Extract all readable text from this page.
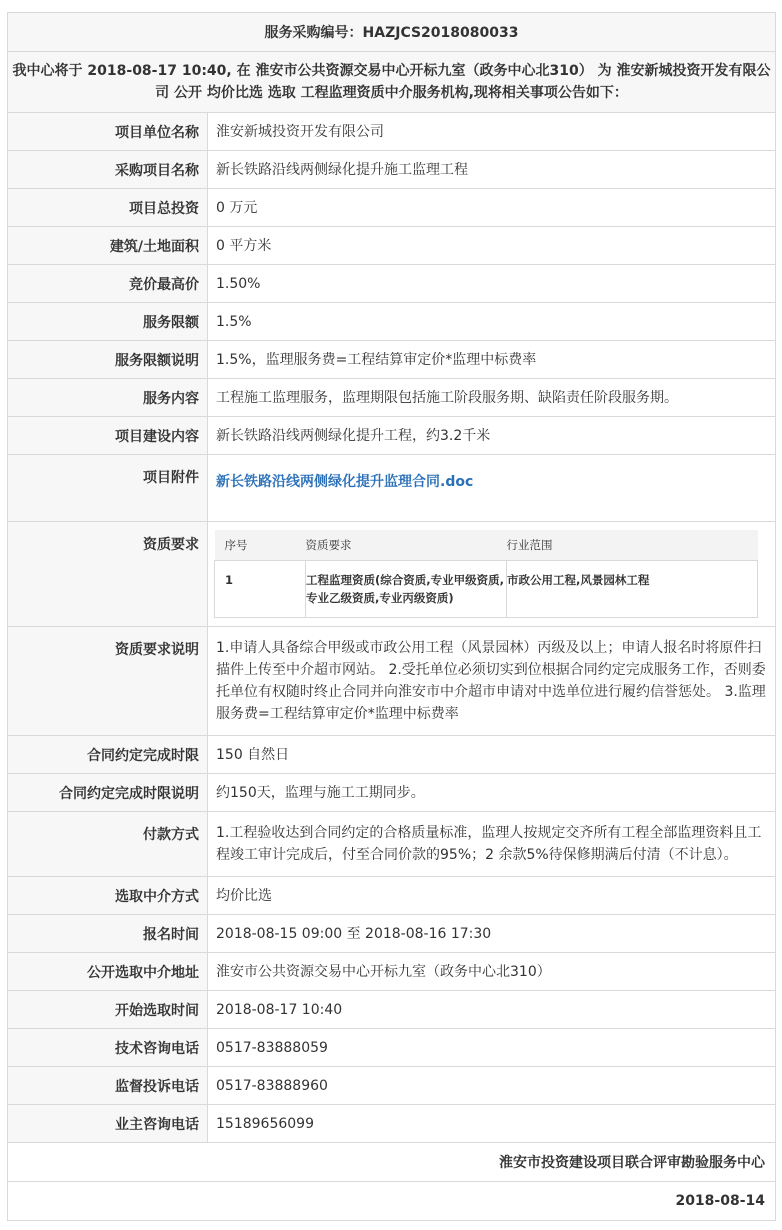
服务采购编号：HAZJCS2018080033
我中心将于 2018-08-17 10:40, 在 淮安市公共资源交易中心开标九室（政务中心北310） 为 淮安新城投资开发有限公司 公开 均价比选 选取 工程监理资质中介服务机构,现将相关事项公告如下：
项目单位名称	淮安新城投资开发有限公司
采购项目名称	新长铁路沿线两侧绿化提升施工监理工程
项目总投资	0 万元
建筑/土地面积	0 平方米
竞价最高价	1.50%
服务限额	1.5%
服务限额说明	1.5%，监理服务费=工程结算审定价*监理中标费率
服务内容	工程施工监理服务，监理期限包括施工阶段服务期、缺陷责任阶段服务期。
项目建设内容	新长铁路沿线两侧绿化提升工程，约3.2千米
项目附件	新长铁路沿线两侧绿化提升监理合同.doc
资质要求	序号	资质要求	行业范围
1	工程监理资质(综合资质,专业甲级资质,专业乙级资质,专业丙级资质)	市政公用工程,风景园林工程

资质要求说明	1.申请人具备综合甲级或市政公用工程（风景园林）丙级及以上；申请人报名时将原件扫描件上传至中介超市网站。 2.受托单位必须切实到位根据合同约定完成服务工作，否则委托单位有权随时终止合同并向淮安市中介超市申请对中选单位进行履约信誉惩处。 3.监理服务费=工程结算审定价*监理中标费率
合同约定完成时限	150 自然日
合同约定完成时限说明	约150天，监理与施工工期同步。
付款方式	1.工程验收达到合同约定的合格质量标准，监理人按规定交齐所有工程全部监理资料且工程竣工审计完成后，付至合同价款的95%；2 余款5%待保修期满后付清（不计息）。
选取中介方式	均价比选
报名时间	2018-08-15 09:00 至 2018-08-16 17:30
公开选取中介地址	淮安市公共资源交易中心开标九室（政务中心北310）
开始选取时间	2018-08-17 10:40
技术咨询电话	0517-83888059
监督投诉电话	0517-83888960
业主咨询电话	15189656099
淮安市投资建设项目联合评审勘验服务中心
2018-08-14
